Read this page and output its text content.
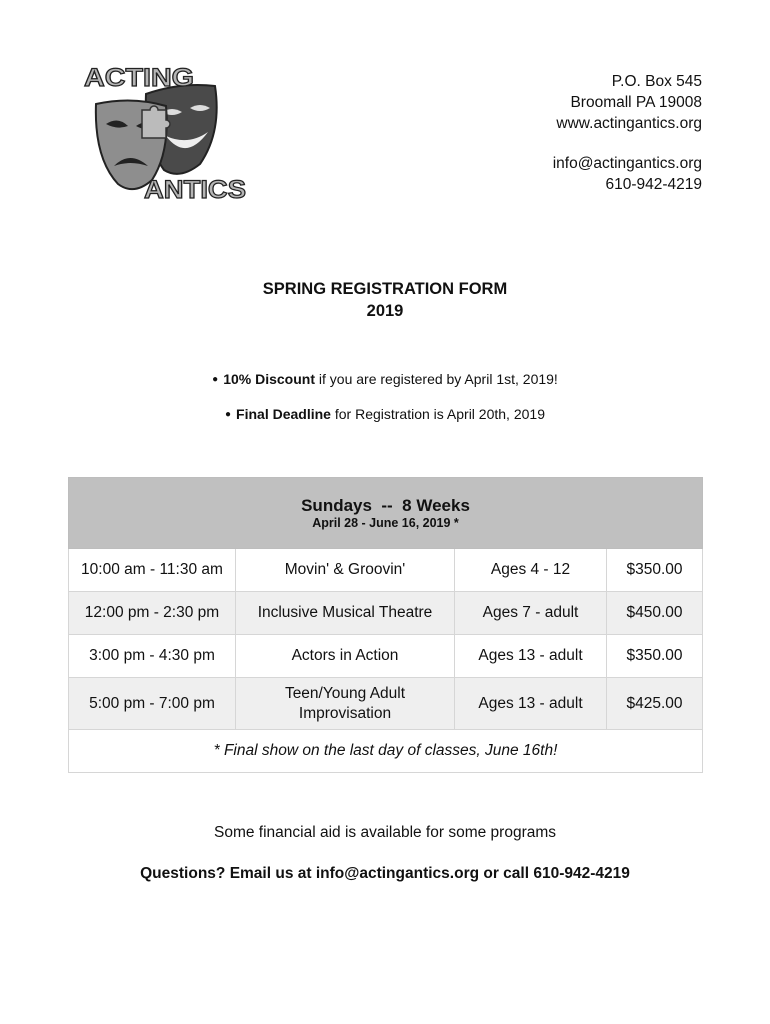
ACTING
ANTICS
P.O. Box 545
Broomall PA 19008
www.actingantics.org
info@actingantics.org
610-942-4219
SPRING REGISTRATION FORM
2019
● 10% Discount if you are registered by April 1st, 2019!
● Final Deadline for Registration is April 20th, 2019
Sundays  --  8 Weeks
April 28 - June 16, 2019 *			

10:00 am - 11:30 am	Movin' & Groovin'	Ages 4 - 12	$350.00
12:00 pm - 2:30 pm	Inclusive Musical Theatre	Ages 7 - adult	$450.00
3:00 pm - 4:30 pm	Actors in Action	Ages 13 - adult	$350.00
5:00 pm - 7:00 pm	Teen/Young Adult
Improvisation	Ages 13 - adult	$425.00
* Final show on the last day of classes, June 16th!			
Some financial aid is available for some programs
Questions? Email us at info@actingantics.org or call 610-942-4219
